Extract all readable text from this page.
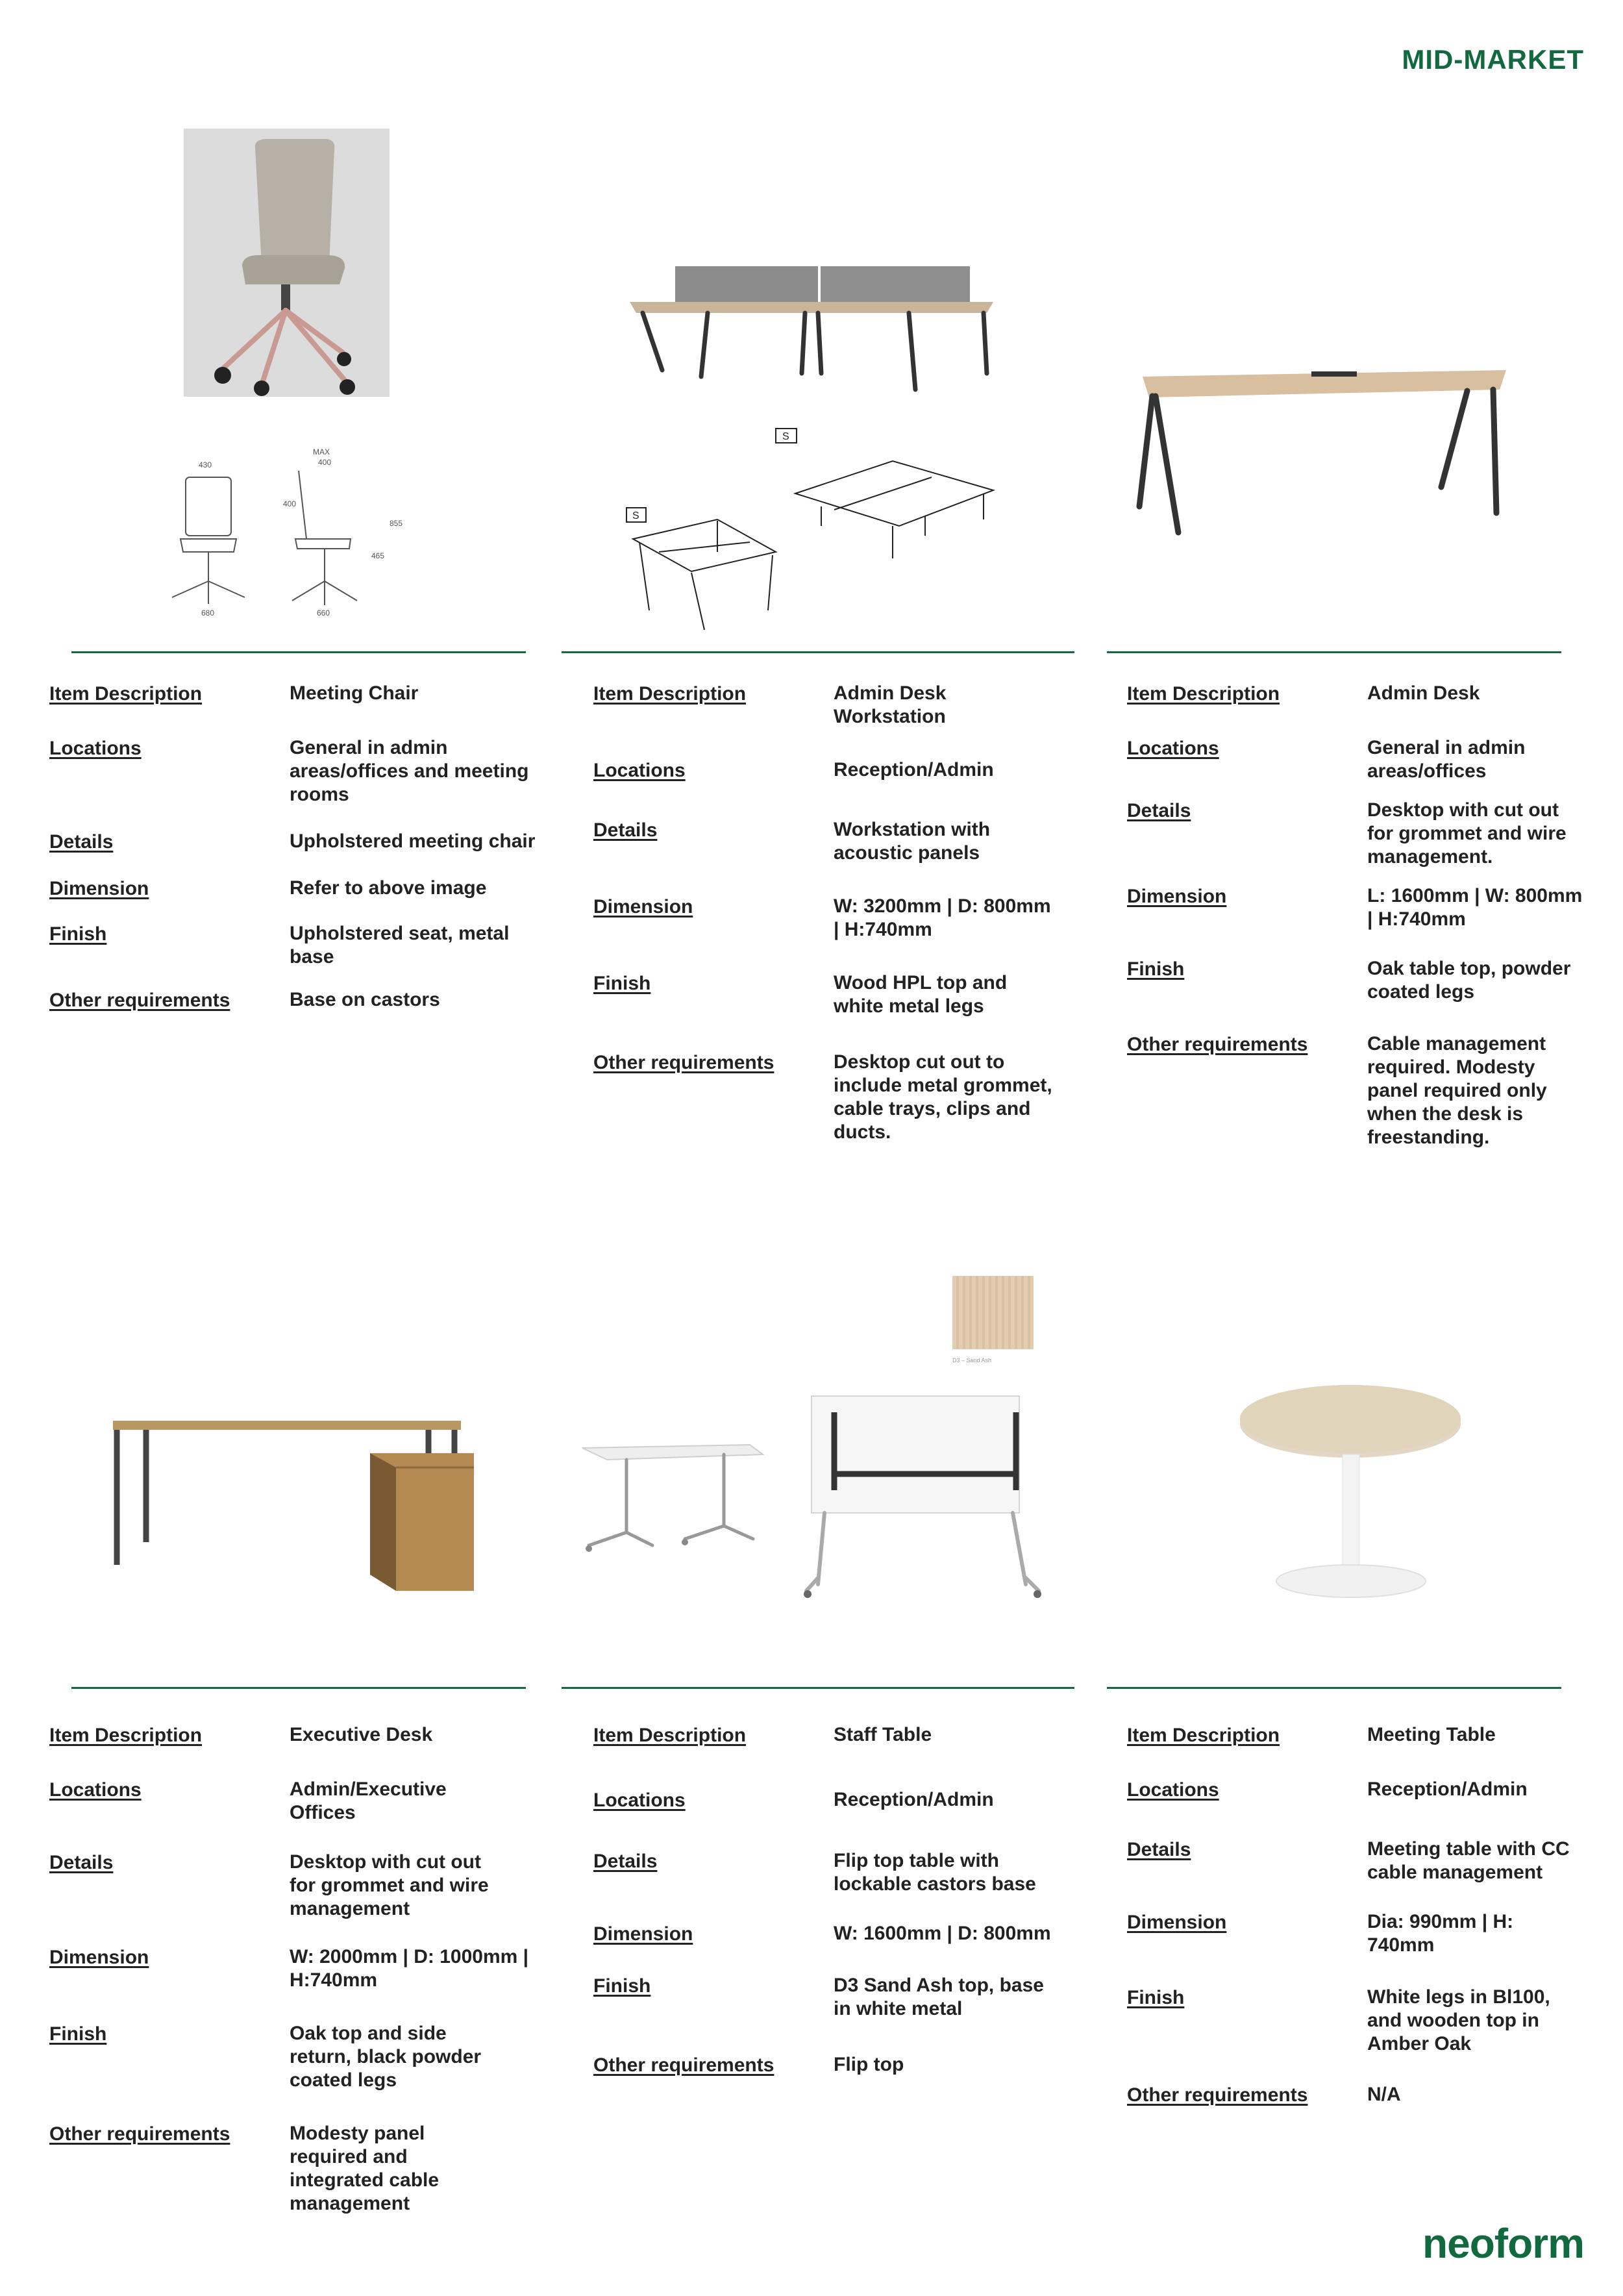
MID-MARKET
430
MAX
400
400
465
855
680	660
S
S
Item Description	Meeting Chair
Locations	General in admin areas/offices and meeting rooms
Details	Upholstered meeting chair
Dimension	Refer to above image
Finish	Upholstered seat, metal base
Other requirements	Base on castors
Item Description	Admin Desk Workstation
Locations	Reception/Admin
Details	Workstation with acoustic panels
Dimension	W: 3200mm | D: 800mm | H:740mm
Finish	Wood HPL top and white metal legs
Other requirements	Desktop cut out to include metal grommet, cable trays, clips and ducts.
Item Description	Admin Desk
Locations	General in admin areas/offices
Details	Desktop with cut out for grommet and wire management.
Dimension	L: 1600mm | W: 800mm | H:740mm
Finish	Oak table top, powder coated legs
Other requirements	Cable management required. Modesty panel required only when the desk is freestanding.
D3 – Sand Ash
Item Description	Executive Desk
Locations	Admin/Executive Offices
Details	Desktop with cut out for grommet and wire management
Dimension	W: 2000mm | D: 1000mm | H:740mm
Finish	Oak top and side return, black powder coated legs
Other requirements	Modesty panel required and integrated cable management
Item Description	Staff Table
Locations	Reception/Admin
Details	Flip top table with lockable castors base
Dimension	W: 1600mm | D: 800mm
Finish	D3 Sand Ash top, base in white metal
Other requirements	Flip top
Item Description	Meeting Table
Locations	Reception/Admin
Details	Meeting table with CC cable management
Dimension	Dia: 990mm | H: 740mm
Finish	White legs in Bl100, and wooden top in Amber Oak
Other requirements	N/A
neoform
